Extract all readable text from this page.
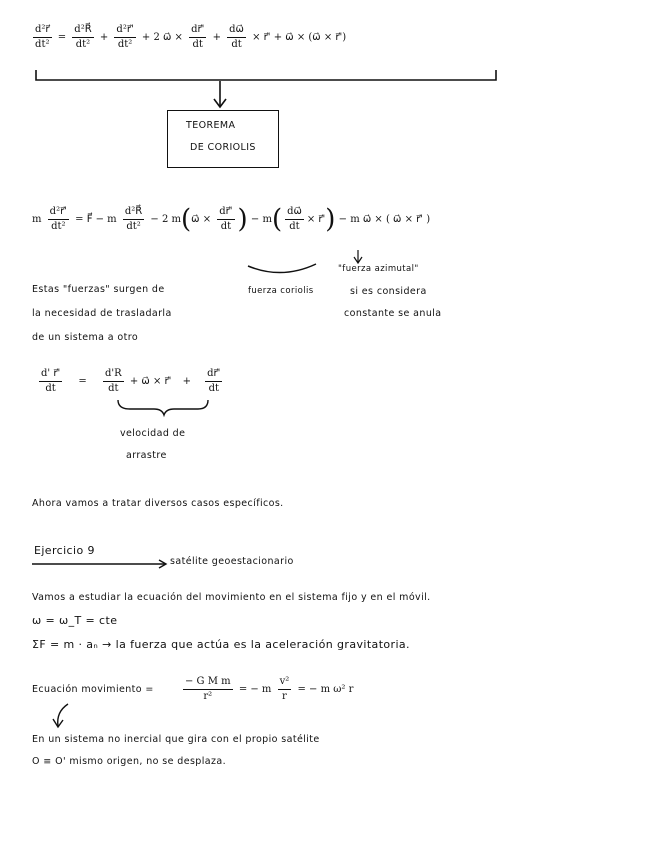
$\frac{\text{d²r⃗}}{\text{dt²}} = \frac{\text{d²R⃗}}{\text{dt²}} + \frac{\text{d²r⃗'}}{\text{dt²}} + 2$ ω⃗ × $\frac{dr⃗'}{dt} + \frac{d\omega⃗}{dt}$ × r⃗' + ω⃗ × (ω⃗ × r⃗')
TEOREMA
DE CORIOLIS
m $\frac{\text{d²r⃗'}}{\text{dt²}}$ = F⃗ − m $\frac{\text{d²R⃗}}{\text{dt²}} - 2$ m(ω⃗ × $\frac{dr⃗'}{dt}$ ) − $m( \frac{d\omega⃗}{dt}$ × r⃗') − m ω⃗ × ( ω⃗ × r⃗' )
Estas "fuerzas" surgen de
la necesidad de trasladarla
de un sistema a otro
fuerza coriolis
"fuerza azimutal"
si es considera
constante se anula
$\frac{d' r⃗'}{dt} = \frac{d'R}{dt}$ + ω⃗ × r⃗' + $\frac{dr⃗'}{dt}$
velocidad de
arrastre
Ahora vamos a tratar diversos casos específicos.
Ejercicio 9
satélite geoestacionario
Vamos a estudiar la ecuación del movimiento en el sistema fijo y en el móvil.
ω = ω_T = cte
ΣF = m · aₙ → la fuerza que actúa es la aceleración gravitatoria.
Ecuación movimiento =	$\frac{\text{− G M m}}{\text{r²}}$ = − m $\frac{\text{v²}}{r}$ = − m ω² r
En un sistema no inercial que gira con el propio satélite
O ≡ O' mismo origen, no se desplaza.
